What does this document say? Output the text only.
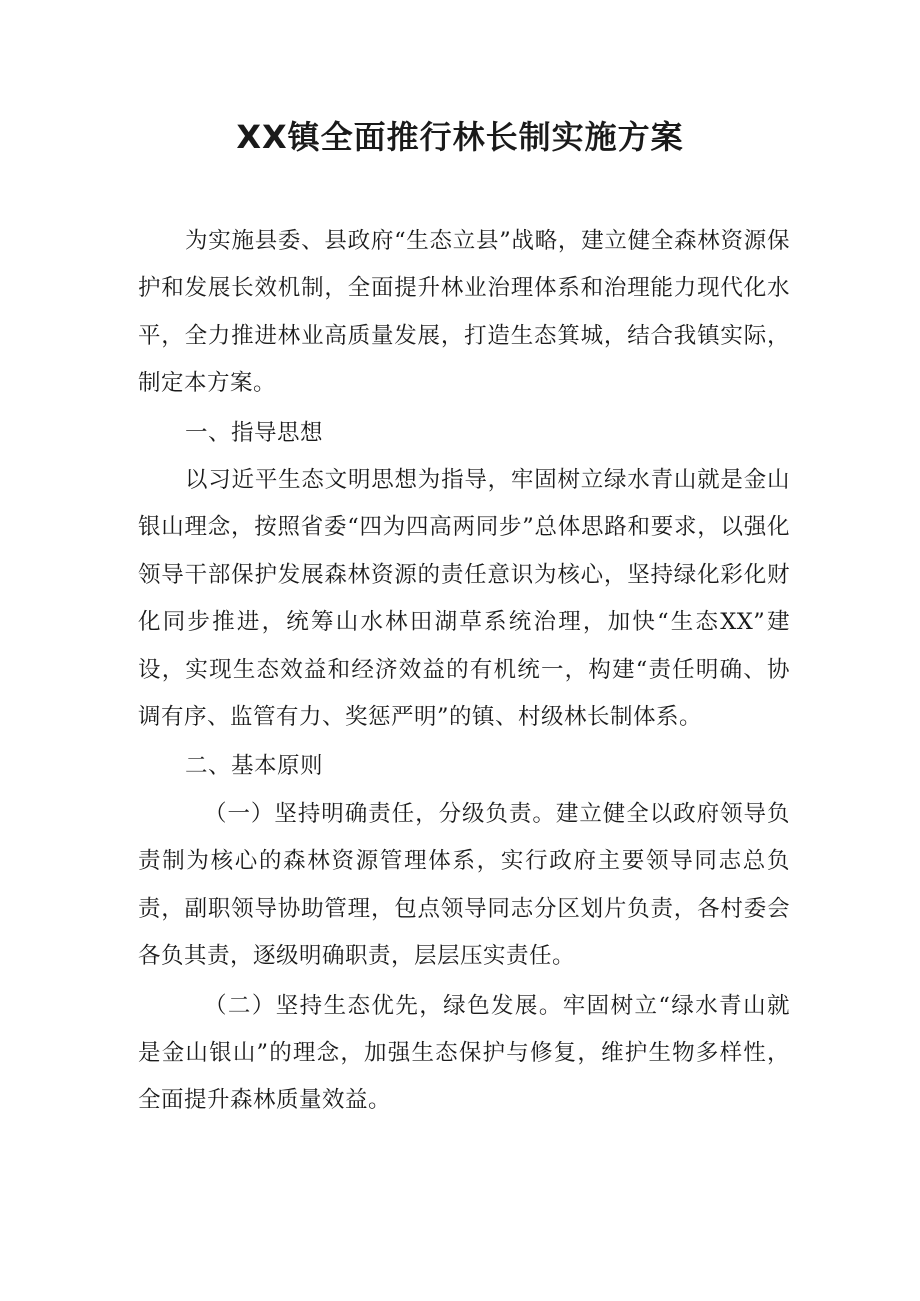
XX镇全面推行林长制实施方案

为实施县委、县政府“生态立县”战略，建立健全森林资源保护和发展长效机制，全面提升林业治理体系和治理能力现代化水平，全力推进林业高质量发展，打造生态箕城，结合我镇实际，制定本方案。

一、指导思想

以习近平生态文明思想为指导，牢固树立绿水青山就是金山银山理念，按照省委“四为四高两同步”总体思路和要求，以强化领导干部保护发展森林资源的责任意识为核心，坚持绿化彩化财化同步推进，统筹山水林田湖草系统治理，加快“生态XX”建设，实现生态效益和经济效益的有机统一，构建“责任明确、协调有序、监管有力、奖惩严明”的镇、村级林长制体系。

二、基本原则

（一）坚持明确责任，分级负责。建立健全以政府领导负责制为核心的森林资源管理体系，实行政府主要领导同志总负责，副职领导协助管理，包点领导同志分区划片负责，各村委会各负其责，逐级明确职责，层层压实责任。

（二）坚持生态优先，绿色发展。牢固树立“绿水青山就是金山银山”的理念，加强生态保护与修复，维护生物多样性，全面提升森林质量效益。
